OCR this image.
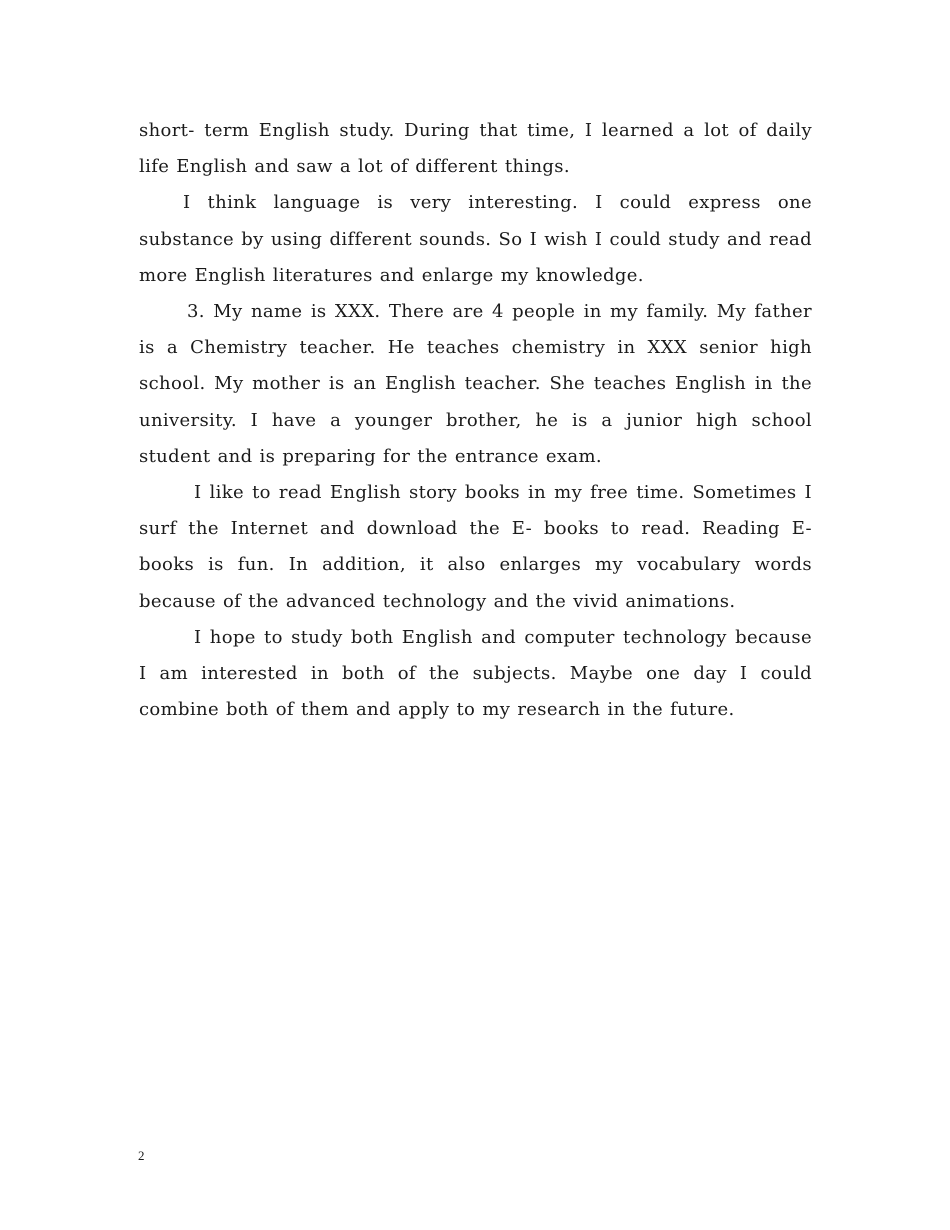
short- term English study. During that time, I learned a lot of daily life English and saw a lot of different things.

I think language is very interesting. I could express one substance by using different sounds. So I wish I could study and read more English literatures and enlarge my knowledge.

3. My name is XXX. There are 4 people in my family. My father is a Chemistry teacher. He teaches chemistry in XXX senior high school. My mother is an English teacher. She teaches English in the university. I have a younger brother, he is a junior high school student and is preparing for the entrance exam.

I like to read English story books in my free time. Sometimes I surf the Internet and download the E- books to read. Reading E- books is fun. In addition, it also enlarges my vocabulary words because of the advanced technology and the vivid animations.

I hope to study both English and computer technology because I am interested in both of the subjects. Maybe one day I could combine both of them and apply to my research in the future.

2
